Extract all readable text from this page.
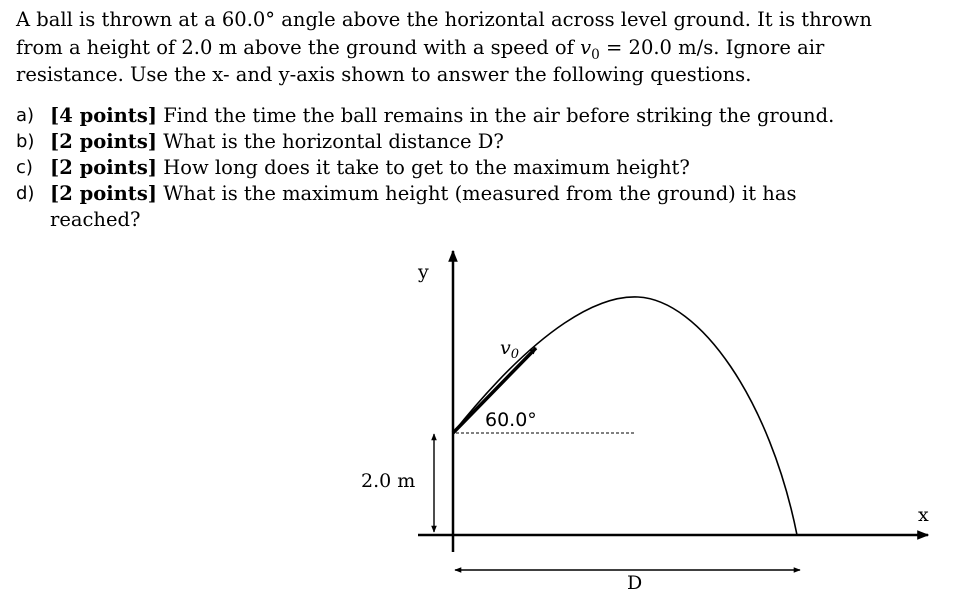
A ball is thrown at a 60.0° angle above the horizontal across level ground. It is thrown
from a height of 2.0 m above the ground with a speed of $v_0 = 20.0$ m/s. Ignore air
resistance. Use the x- and y-axis shown to answer the following questions.
a) [4 points] Find the time the ball remains in the air before striking the ground.
b) [2 points] What is the horizontal distance D?
c) [2 points] How long does it take to get to the maximum height?
d) [2 points] What is the maximum height (measured from the ground) it has
reached?
y
x
$v_0$
60.0°
2.0 m
D
